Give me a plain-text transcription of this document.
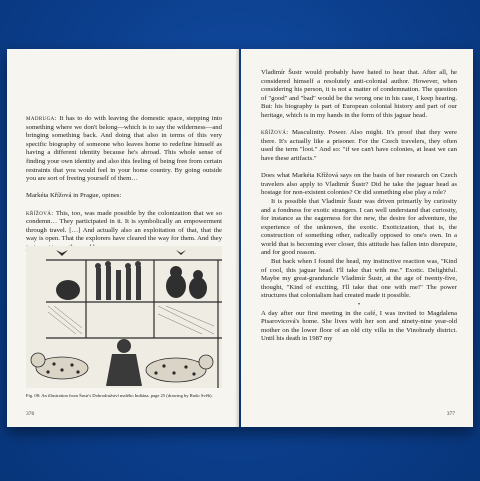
madruga: It has to do with leaving the domestic space, stepping into something where we don't belong—which is to say the wilderness—and bringing something back. And doing that also in terms of this very specific biography of someone who leaves home to redefine himself as having a different identity because he's abroad. This whole sense of finding your own identity and also this feeling of being free from certain restraints that you would feel in your home country. By going outside you are sort of freeing yourself of them…

Markéta Křížová in Prague, opines:

křížová: This, too, was made possible by the colonization that we so condemn… They participated in it. It is symbolically an empowerment through travel. […] And actually also an exploitation of that, that the way is open. That the explorers have cleared the way for them. And they

Fig. 08: An illustration from Šustr's Dobrodružství malého Indiána, page 25 (drawing by Rudo Svěb).

376

Vladimír Šustr would probably have hated to hear that. After all, he considered himself a resolutely anti-colonial author. However, when considering his person, it is not a matter of condemnation. The question of "good" and "bad" would be the wrong one in his case, I keep hearing. But: his biography is part of European colonial history and part of our heritage, which is in my hands in the form of this jaguar head.

křížová: Masculinity. Power. Also might. It's proof that they were there. It's actually like a prisoner. For the Czech travelers, they often used the term "loot." And so: "if we can't have colonies, at least we can have these artifacts."

Does what Markéta Křížová says on the basis of her research on Czech travelers also apply to Vladimír Šustr? Did he take the jaguar head as hostage for non-existent colonies? Or did something else play a role?

It is possible that Vladimír Šustr was driven primarily by curiosity and a fondness for exotic strangers. I can well understand that curiosity, for instance as the eagerness for the new, the desire for adventure, the experience of the unknown, the exotic. Exoticization, that is, the construction of something other, radically opposed to one's own. In a world that is becoming ever closer, this attitude has fallen into disrepute, and for good reason.

But back when I found the head, my instinctive reaction was, "Kind of cool, this jaguar head. I'll take that with me." Exotic. Delightful. Maybe my great-granduncle Vladimír Šustr, at the age of twenty-five, thought, "Kind of exciting, I'll take that one with me!" The power structures that colonialism had created made it possible.

•

A day after our first meeting in the café, I was invited to Magdalena Pisarovicová's home. She lives with her son and ninety-nine year-old mother on the lower floor of an old city villa in the Vinohrady district. Until his death in 1987 my

377
